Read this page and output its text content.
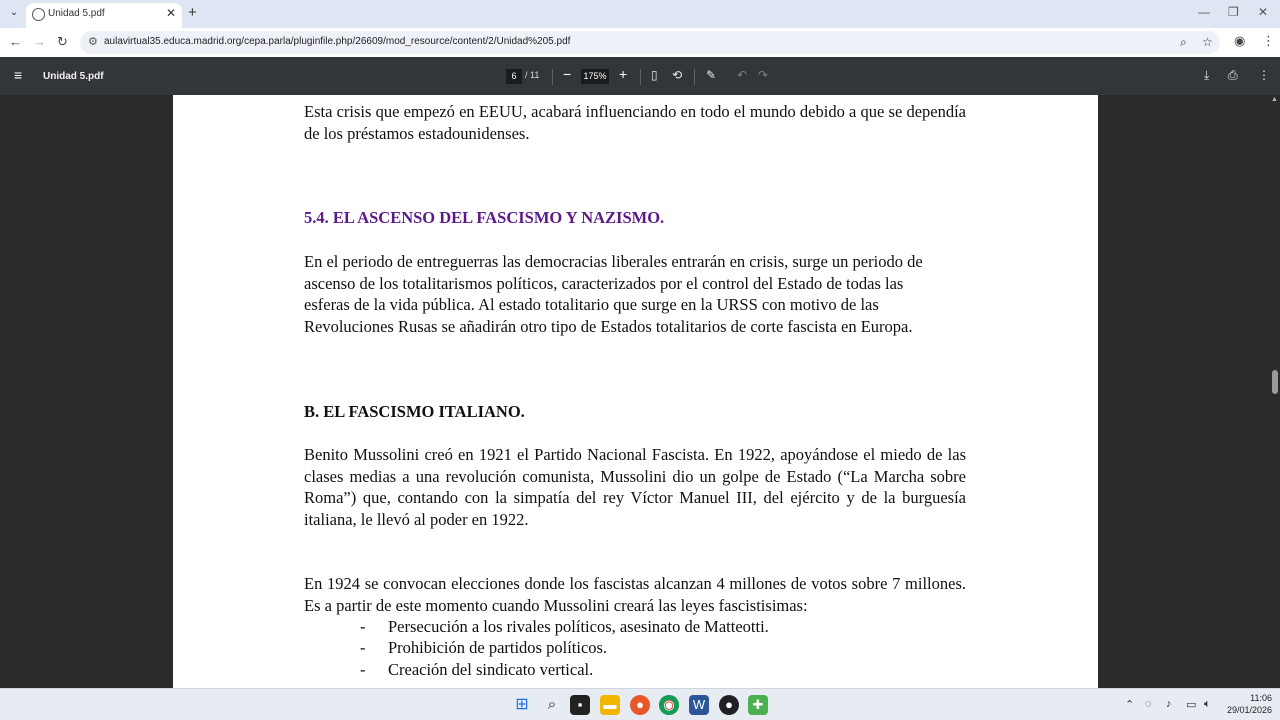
⌄	Unidad 5.pdf	✕ +	— ❐ ✕
← → ↻ ⚙ aulavirtual35.educa.madrid.org/cepa.parla/pluginfile.php/26609/mod_resource/content/2/Unidad%205.pdf	⌕ ☆ ◉ ⋮
≡ Unidad 5.pdf	6 / 11 − 175% + ▯ ⟲ ✎ ↶ ↷	⤓ ⎙ ⋮
Esta crisis que empezó en EEUU, acabará influenciando en todo el mundo debido a que se dependía de los préstamos estadounidenses.
5.4. EL ASCENSO DEL FASCISMO Y NAZISMO.
En el periodo de entreguerras las democracias liberales entrarán en crisis, surge un periodo de ascenso de los totalitarismos políticos, caracterizados por el control del Estado de todas las esferas de la vida pública. Al estado totalitario que surge en la URSS con motivo de las Revoluciones Rusas se añadirán otro tipo de Estados totalitarios de corte fascista en Europa.
B. EL FASCISMO ITALIANO.
Benito Mussolini creó en 1921 el Partido Nacional Fascista. En 1922, apoyándose el miedo de las clases medias a una revolución comunista, Mussolini dio un golpe de Estado (“La Marcha sobre Roma”) que, contando con la simpatía del rey Víctor Manuel III, del ejército y de la burguesía italiana, le llevó al poder en 1922.
En 1924 se convocan elecciones donde los fascistas alcanzan 4 millones de votos sobre 7 millones. Es a partir de este momento cuando Mussolini creará las leyes fascistisimas:
- Persecución a los rivales políticos, asesinato de Matteotti.
- Prohibición de partidos políticos.
- Creación del sindicato vertical.
▲
⊞	⌕	▪	▬	●	◉	W	●	✚	⌃ ◌ ♪ ▭ 🔈︎	11:06
29/01/2026
